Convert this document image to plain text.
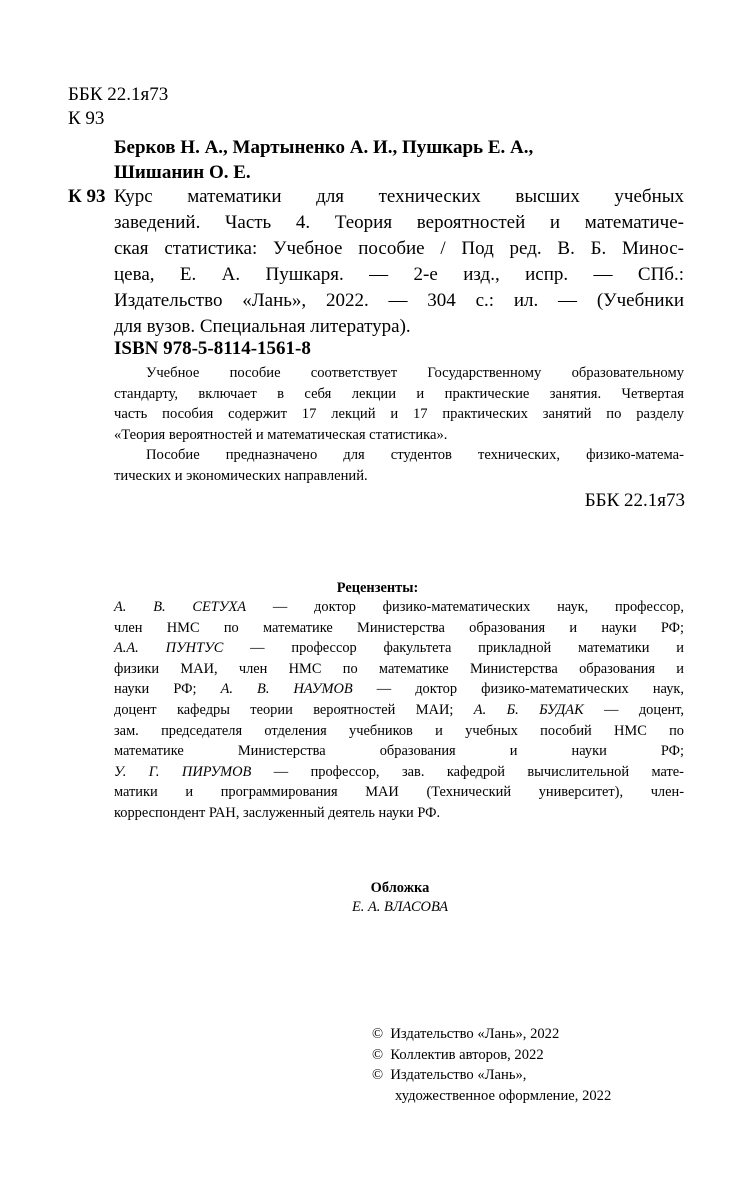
ББК 22.1я73
К 93
Берков Н. А., Мартыненко А. И., Пушкарь Е. А.,
Шишанин О. Е.
К 93 Курс математики для технических высших учебных
заведений. Часть 4. Теория вероятностей и математиче-
ская статистика: Учебное пособие / Под ред. В. Б. Минос-
цева, Е. А. Пушкаря. — 2-е изд., испр. — СПб.:
Издательство «Лань», 2022. — 304 с.: ил. — (Учебники
для вузов. Специальная литература).
ISBN 978-5-8114-1561-8
Учебное пособие соответствует Государственному образовательному
стандарту, включает в себя лекции и практические занятия. Четвертая
часть пособия содержит 17 лекций и 17 практических занятий по разделу
«Теория вероятностей и математическая статистика».
Пособие предназначено для студентов технических, физико-матема-
тических и экономических направлений.
ББК 22.1я73
Рецензенты:
А. В. СЕТУХА — доктор физико-математических наук, профессор,
член НМС по математике Министерства образования и науки РФ;
А.А. ПУНТУС — профессор факультета прикладной математики и
физики МАИ, член НМС по математике Министерства образования и
науки РФ; А. В. НАУМОВ — доктор физико-математических наук,
доцент кафедры теории вероятностей МАИ; А. Б. БУДАК — доцент,
зам. председателя отделения учебников и учебных пособий НМС по
математике Министерства образования и науки РФ;
У. Г. ПИРУМОВ — профессор, зав. кафедрой вычислительной мате-
матики и программирования МАИ (Технический университет), член-
корреспондент РАН, заслуженный деятель науки РФ.
Обложка
Е. А. ВЛАСОВА
© Издательство «Лань», 2022
© Коллектив авторов, 2022
© Издательство «Лань»,
художественное оформление, 2022
